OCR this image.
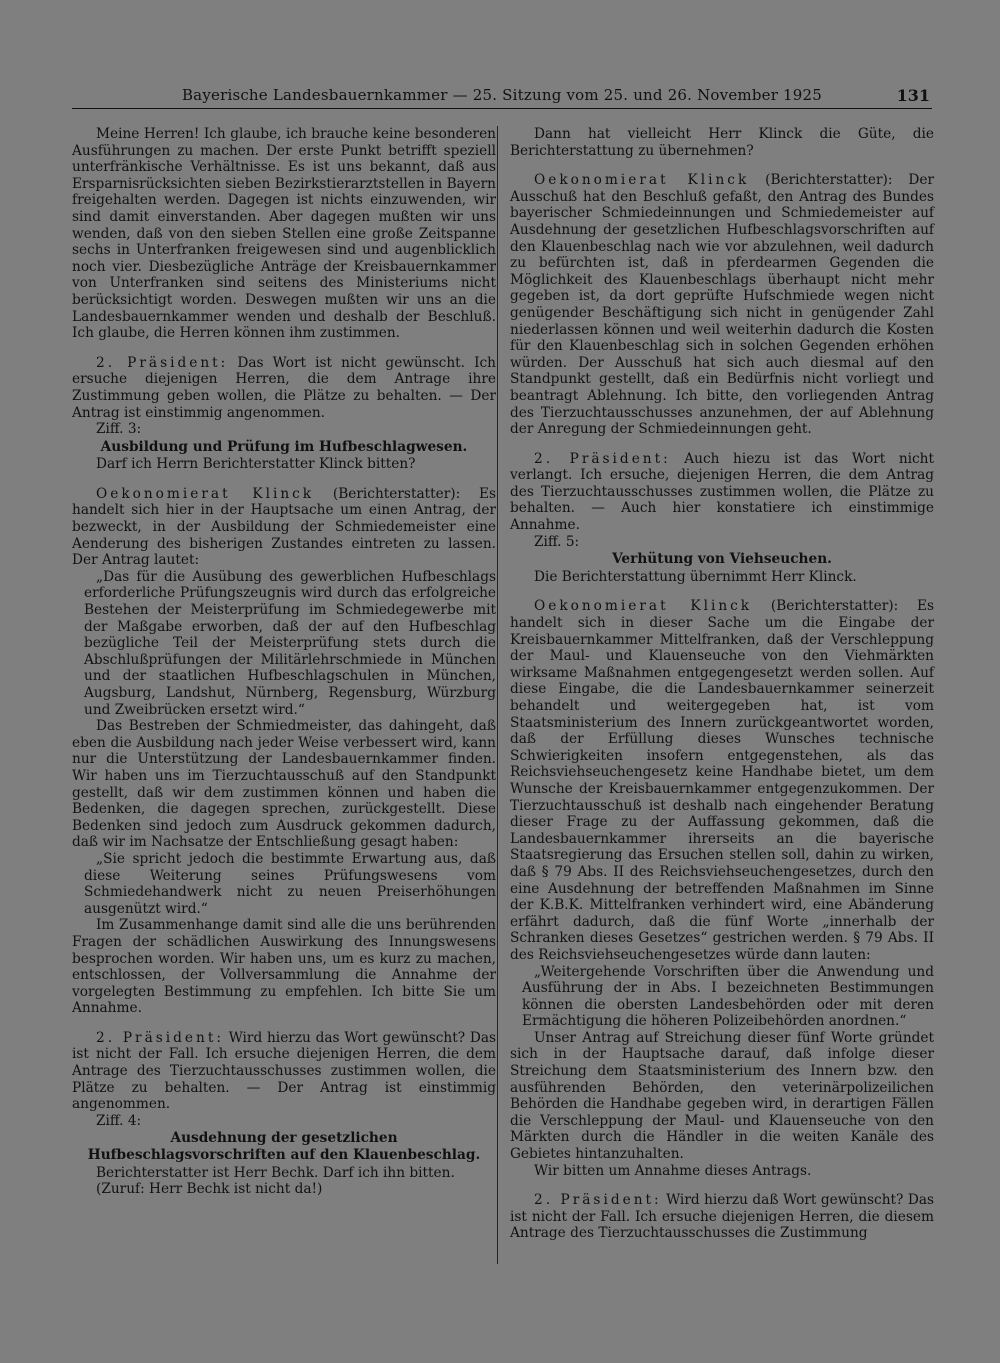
Bayerische Landesbauernkammer — 25. Sitzung vom 25. und 26. November 1925	131

Meine Herren! Ich glaube, ich brauche keine besonderen Ausführungen zu machen. Der erste Punkt betrifft speziell unterfränkische Verhältnisse. Es ist uns bekannt, daß aus Ersparnisrücksichten sieben Bezirkstierarztstellen in Bayern freigehalten werden. Dagegen ist nichts einzuwenden, wir sind damit einverstanden. Aber dagegen mußten wir uns wenden, daß von den sieben Stellen eine große Zeitspanne sechs in Unterfranken freigewesen sind und augenblicklich noch vier. Diesbezügliche Anträge der Kreisbauernkammer von Unterfranken sind seitens des Ministeriums nicht berücksichtigt worden. Deswegen mußten wir uns an die Landesbauernkammer wenden und deshalb der Beschluß. Ich glaube, die Herren können ihm zustimmen.

2. Präsident: Das Wort ist nicht gewünscht. Ich ersuche diejenigen Herren, die dem Antrage ihre Zustimmung geben wollen, die Plätze zu behalten. — Der Antrag ist einstimmig angenommen.

Ziff. 3:

Ausbildung und Prüfung im Hufbeschlagwesen.

Darf ich Herrn Berichterstatter Klinck bitten?

Oekonomierat Klinck (Berichterstatter): Es handelt sich hier in der Hauptsache um einen Antrag, der bezweckt, in der Ausbildung der Schmiedemeister eine Aenderung des bisherigen Zustandes eintreten zu lassen. Der Antrag lautet:

„Das für die Ausübung des gewerblichen Hufbeschlags erforderliche Prüfungszeugnis wird durch das erfolgreiche Bestehen der Meisterprüfung im Schmiedegewerbe mit der Maßgabe erworben, daß der auf den Hufbeschlag bezügliche Teil der Meisterprüfung stets durch die Abschlußprüfungen der Militärlehrschmiede in München und der staatlichen Hufbeschlagschulen in München, Augsburg, Landshut, Nürnberg, Regensburg, Würzburg und Zweibrücken ersetzt wird.“

Das Bestreben der Schmiedmeister, das dahingeht, daß eben die Ausbildung nach jeder Weise verbessert wird, kann nur die Unterstützung der Landesbauernkammer finden. Wir haben uns im Tierzuchtausschuß auf den Standpunkt gestellt, daß wir dem zustimmen können und haben die Bedenken, die dagegen sprechen, zurückgestellt. Diese Bedenken sind jedoch zum Ausdruck gekommen dadurch, daß wir im Nachsatze der Entschließung gesagt haben:

„Sie spricht jedoch die bestimmte Erwartung aus, daß diese Weiterung seines Prüfungswesens vom Schmiedehandwerk nicht zu neuen Preiserhöhungen ausgenützt wird.“

Im Zusammenhange damit sind alle die uns berührenden Fragen der schädlichen Auswirkung des Innungswesens besprochen worden. Wir haben uns, um es kurz zu machen, entschlossen, der Vollversammlung die Annahme der vorgelegten Bestimmung zu empfehlen. Ich bitte Sie um Annahme.

2. Präsident: Wird hierzu das Wort gewünscht? Das ist nicht der Fall. Ich ersuche diejenigen Herren, die dem Antrage des Tierzuchtausschusses zustimmen wollen, die Plätze zu behalten. — Der Antrag ist einstimmig angenommen.

Ziff. 4:

Ausdehnung der gesetzlichen Hufbeschlagsvorschriften auf den Klauenbeschlag.

Berichterstatter ist Herr Bechk. Darf ich ihn bitten.

(Zuruf: Herr Bechk ist nicht da!)

Dann hat vielleicht Herr Klinck die Güte, die Berichterstattung zu übernehmen?

Oekonomierat Klinck (Berichterstatter): Der Ausschuß hat den Beschluß gefaßt, den Antrag des Bundes bayerischer Schmiedeinnungen und Schmiedemeister auf Ausdehnung der gesetzlichen Hufbeschlagsvorschriften auf den Klauenbeschlag nach wie vor abzulehnen, weil dadurch zu befürchten ist, daß in pferdearmen Gegenden die Möglichkeit des Klauenbeschlags überhaupt nicht mehr gegeben ist, da dort geprüfte Hufschmiede wegen nicht genügender Beschäftigung sich nicht in genügender Zahl niederlassen können und weil weiterhin dadurch die Kosten für den Klauenbeschlag sich in solchen Gegenden erhöhen würden. Der Ausschuß hat sich auch diesmal auf den Standpunkt gestellt, daß ein Bedürfnis nicht vorliegt und beantragt Ablehnung. Ich bitte, den vorliegenden Antrag des Tierzuchtausschusses anzunehmen, der auf Ablehnung der Anregung der Schmiedeinnungen geht.

2. Präsident: Auch hiezu ist das Wort nicht verlangt. Ich ersuche, diejenigen Herren, die dem Antrag des Tierzuchtausschusses zustimmen wollen, die Plätze zu behalten. — Auch hier konstatiere ich einstimmige Annahme.

Ziff. 5:

Verhütung von Viehseuchen.

Die Berichterstattung übernimmt Herr Klinck.

Oekonomierat Klinck (Berichterstatter): Es handelt sich in dieser Sache um die Eingabe der Kreisbauernkammer Mittelfranken, daß der Verschleppung der Maul- und Klauenseuche von den Viehmärkten wirksame Maßnahmen entgegengesetzt werden sollen. Auf diese Eingabe, die die Landesbauernkammer seinerzeit behandelt und weitergegeben hat, ist vom Staatsministerium des Innern zurückgeantwortet worden, daß der Erfüllung dieses Wunsches technische Schwierigkeiten insofern entgegenstehen, als das Reichsviehseuchengesetz keine Handhabe bietet, um dem Wunsche der Kreisbauernkammer entgegenzukommen. Der Tierzuchtausschuß ist deshalb nach eingehender Beratung dieser Frage zu der Auffassung gekommen, daß die Landesbauernkammer ihrerseits an die bayerische Staatsregierung das Ersuchen stellen soll, dahin zu wirken, daß § 79 Abs. II des Reichsviehseuchengesetzes, durch den eine Ausdehnung der betreffenden Maßnahmen im Sinne der K.B.K. Mittelfranken verhindert wird, eine Abänderung erfährt dadurch, daß die fünf Worte „innerhalb der Schranken dieses Gesetzes“ gestrichen werden. § 79 Abs. II des Reichsviehseuchengesetzes würde dann lauten:

„Weitergehende Vorschriften über die Anwendung und Ausführung der in Abs. I bezeichneten Bestimmungen können die obersten Landesbehörden oder mit deren Ermächtigung die höheren Polizeibehörden anordnen.“

Unser Antrag auf Streichung dieser fünf Worte gründet sich in der Hauptsache darauf, daß infolge dieser Streichung dem Staatsministerium des Innern bzw. den ausführenden Behörden, den veterinärpolizeilichen Behörden die Handhabe gegeben wird, in derartigen Fällen die Verschleppung der Maul- und Klauenseuche von den Märkten durch die Händler in die weiten Kanäle des Gebietes hintanzuhalten.

Wir bitten um Annahme dieses Antrags.

2. Präsident: Wird hierzu daß Wort gewünscht? Das ist nicht der Fall. Ich ersuche diejenigen Herren, die diesem Antrage des Tierzuchtausschusses die Zustimmung
